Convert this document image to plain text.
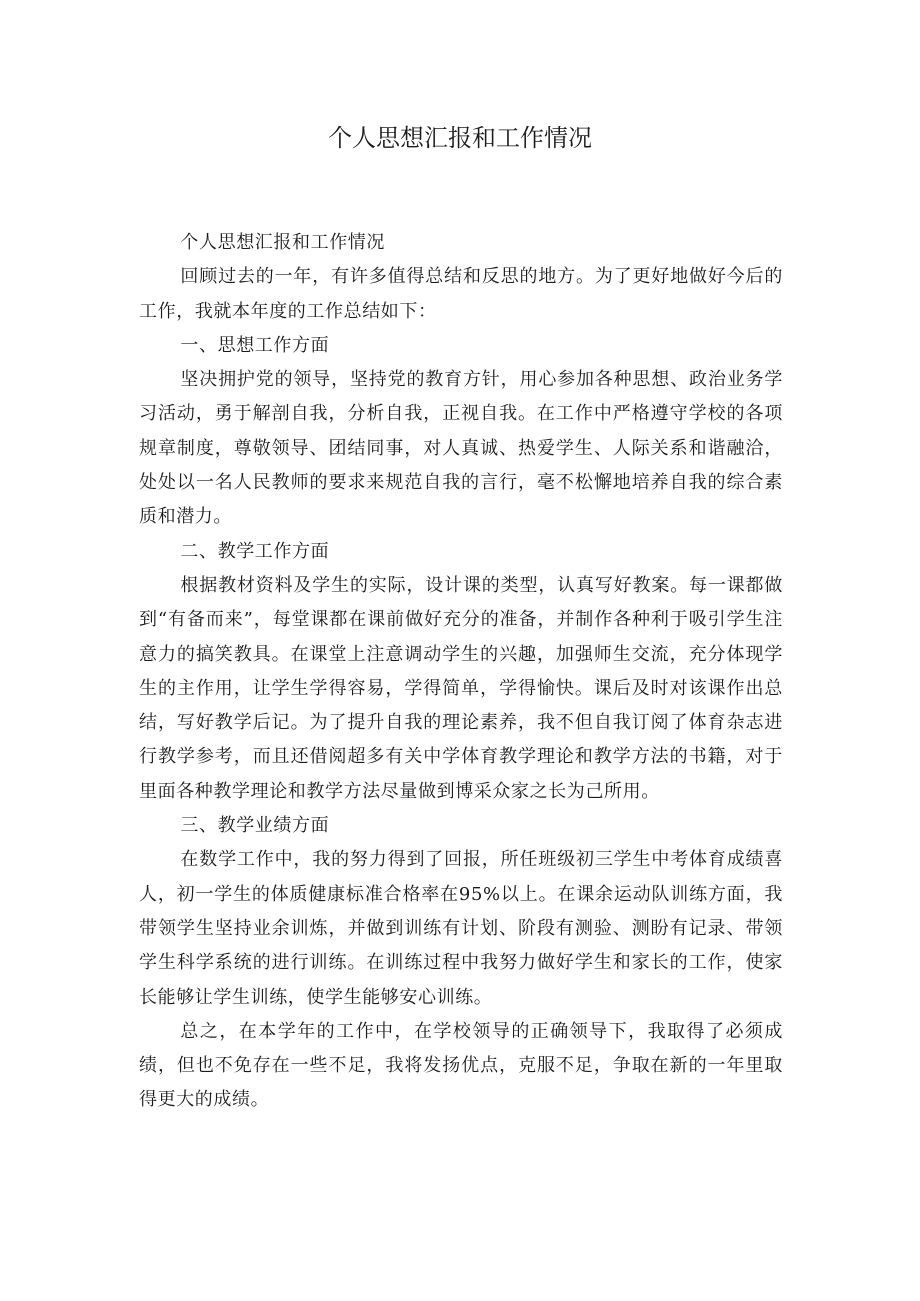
个人思想汇报和工作情况

个人思想汇报和工作情况

回顾过去的一年，有许多值得总结和反思的地方。为了更好地做好今后的工作，我就本年度的工作总结如下：

一、思想工作方面

坚决拥护党的领导，坚持党的教育方针，用心参加各种思想、政治业务学习活动，勇于解剖自我，分析自我，正视自我。在工作中严格遵守学校的各项规章制度，尊敬领导、团结同事，对人真诚、热爱学生、人际关系和谐融洽，处处以一名人民教师的要求来规范自我的言行，毫不松懈地培养自我的综合素质和潜力。

二、教学工作方面

根据教材资料及学生的实际，设计课的类型，认真写好教案。每一课都做到“有备而来”，每堂课都在课前做好充分的准备，并制作各种利于吸引学生注意力的搞笑教具。在课堂上注意调动学生的兴趣，加强师生交流，充分体现学生的主作用，让学生学得容易，学得简单，学得愉快。课后及时对该课作出总结，写好教学后记。为了提升自我的理论素养，我不但自我订阅了体育杂志进行教学参考，而且还借阅超多有关中学体育教学理论和教学方法的书籍，对于里面各种教学理论和教学方法尽量做到博采众家之长为己所用。

三、教学业绩方面

在数学工作中，我的努力得到了回报，所任班级初三学生中考体育成绩喜人，初一学生的体质健康标准合格率在95%以上。在课余运动队训练方面，我带领学生坚持业余训炼，并做到训练有计划、阶段有测验、测盼有记录、带领学生科学系统的进行训练。在训练过程中我努力做好学生和家长的工作，使家长能够让学生训练，使学生能够安心训练。

总之，在本学年的工作中，在学校领导的正确领导下，我取得了必须成绩，但也不免存在一些不足，我将发扬优点，克服不足，争取在新的一年里取得更大的成绩。
